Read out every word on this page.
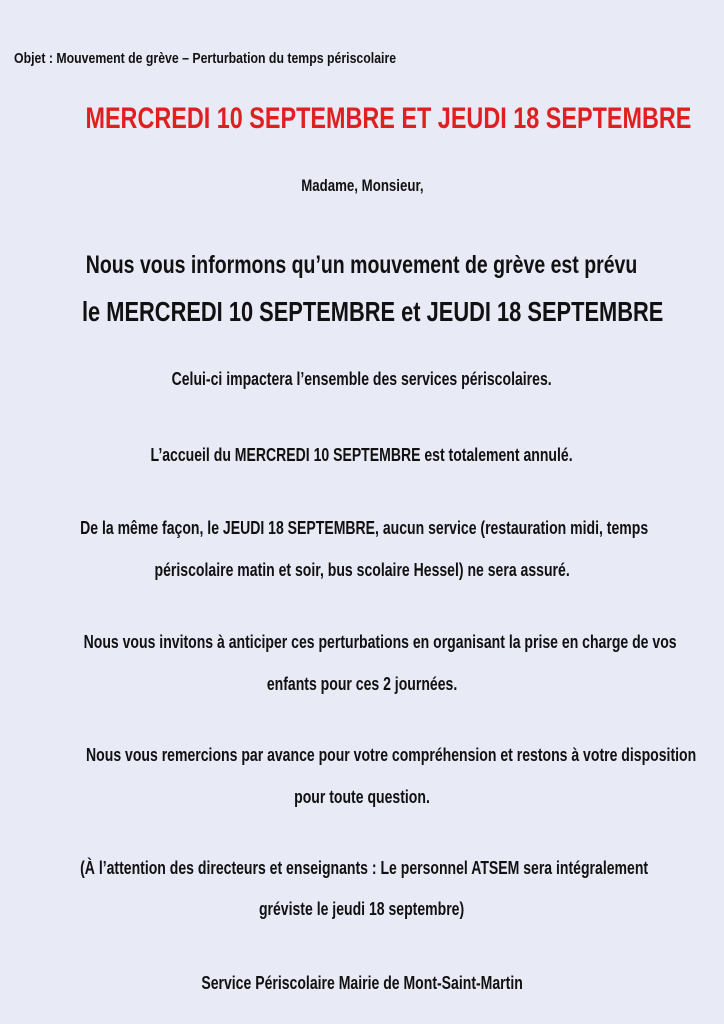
Objet : Mouvement de grève – Perturbation du temps périscolaire
MERCREDI 10 SEPTEMBRE ET JEUDI 18 SEPTEMBRE
Madame, Monsieur,
Nous vous informons qu’un mouvement de grève est prévu
le MERCREDI 10 SEPTEMBRE et JEUDI 18 SEPTEMBRE
Celui-ci impactera l’ensemble des services périscolaires.
L’accueil du MERCREDI 10 SEPTEMBRE est totalement annulé.
De la même façon, le JEUDI 18 SEPTEMBRE, aucun service (restauration midi, temps
périscolaire matin et soir, bus scolaire Hessel) ne sera assuré.
Nous vous invitons à anticiper ces perturbations en organisant la prise en charge de vos
enfants pour ces 2 journées.
Nous vous remercions par avance pour votre compréhension et restons à votre disposition
pour toute question.
(À l’attention des directeurs et enseignants : Le personnel ATSEM sera intégralement
gréviste le jeudi 18 septembre)
Service Périscolaire Mairie de Mont-Saint-Martin
